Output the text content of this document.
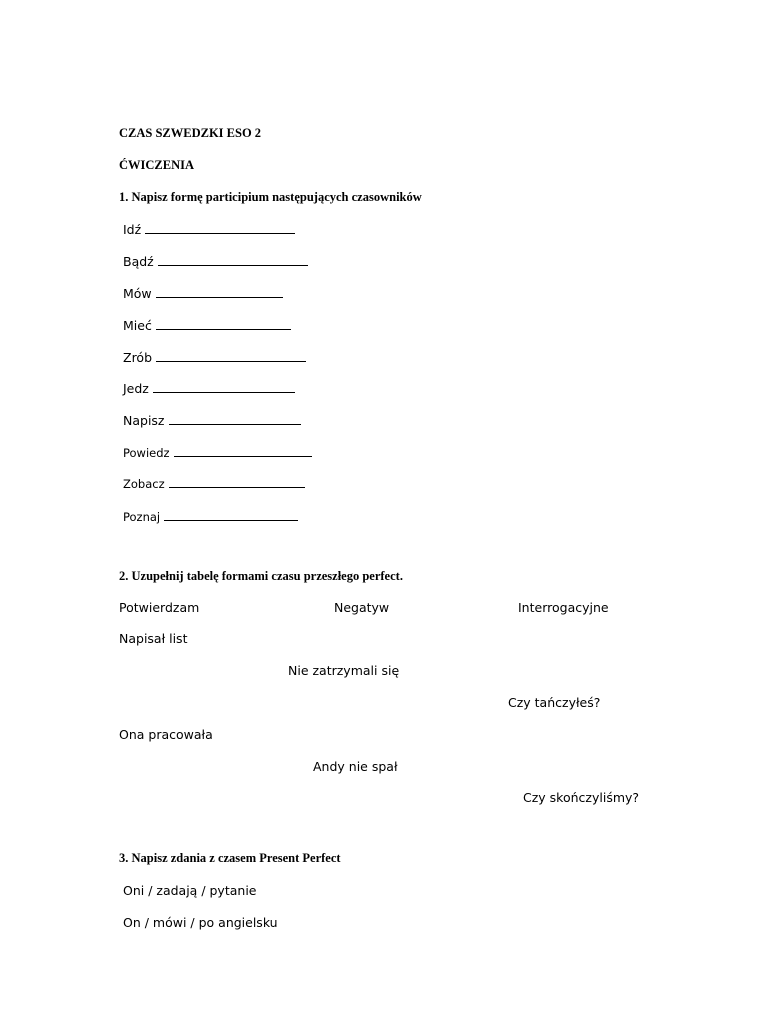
CZAS SZWEDZKI ESO 2
ĆWICZENIA
1. Napisz formę participium następujących czasowników
Idź
Bądź
Mów
Mieć
Zrób
Jedz
Napisz
Powiedz
Zobacz
Poznaj
2. Uzupełnij tabelę formami czasu przeszłego perfect.
Potwierdzam	Negatyw	Interrogacyjne
Napisał list
Nie zatrzymali się
Czy tańczyłeś?
Ona pracowała
Andy nie spał
Czy skończyliśmy?
3. Napisz zdania z czasem Present Perfect
Oni / zadają / pytanie
On / mówi / po angielsku
